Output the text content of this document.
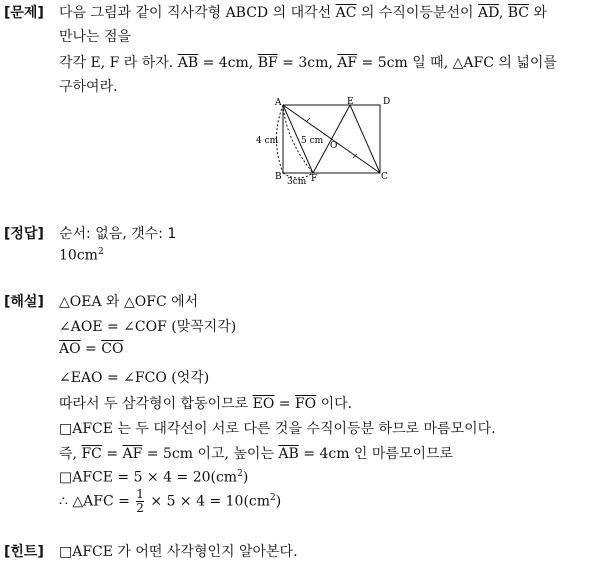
[문제] 다음 그림과 같이 직사각형 ABCD 의 대각선 $\overline{AC}$ 의 수직이등분선이 $\overline{AD}$, $\overline{BC}$ 와
만나는 점을
각각 E, F 라 하자. $\overline{AB} = 4cm$, $\overline{BF} = 3cm$, $\overline{AF} = 5cm$ 일 때, △AFC 의 넓이를
구하여라.
A	E	D
B	F	C
O
4 cm	5 cm
3cm
[정답] 순서: 없음, 갯수: 1
$10cm^2$
[해설] △OEA 와 △OFC 에서
∠AOE = ∠COF (맞꼭지각)
$\overline{AO} = \overline{CO}$
∠EAO = ∠FCO (엇각)
따라서 두 삼각형이 합동이므로 $\overline{EO} = \overline{FO}$ 이다.
□AFCE 는 두 대각선이 서로 다른 것을 수직이등분 하므로 마름모이다.
즉, $\overline{FC} = \overline{AF} = 5cm$ 이고, 높이는 $\overline{AB} = 4cm$ 인 마름모이므로
□AFCE = $5 \times 4 = 20(cm^2)$
∴ △AFC = $\frac{1}{2} \times 5 \times 4 = 10(cm^2)$
[힌트] □AFCE 가 어떤 사각형인지 알아본다.
